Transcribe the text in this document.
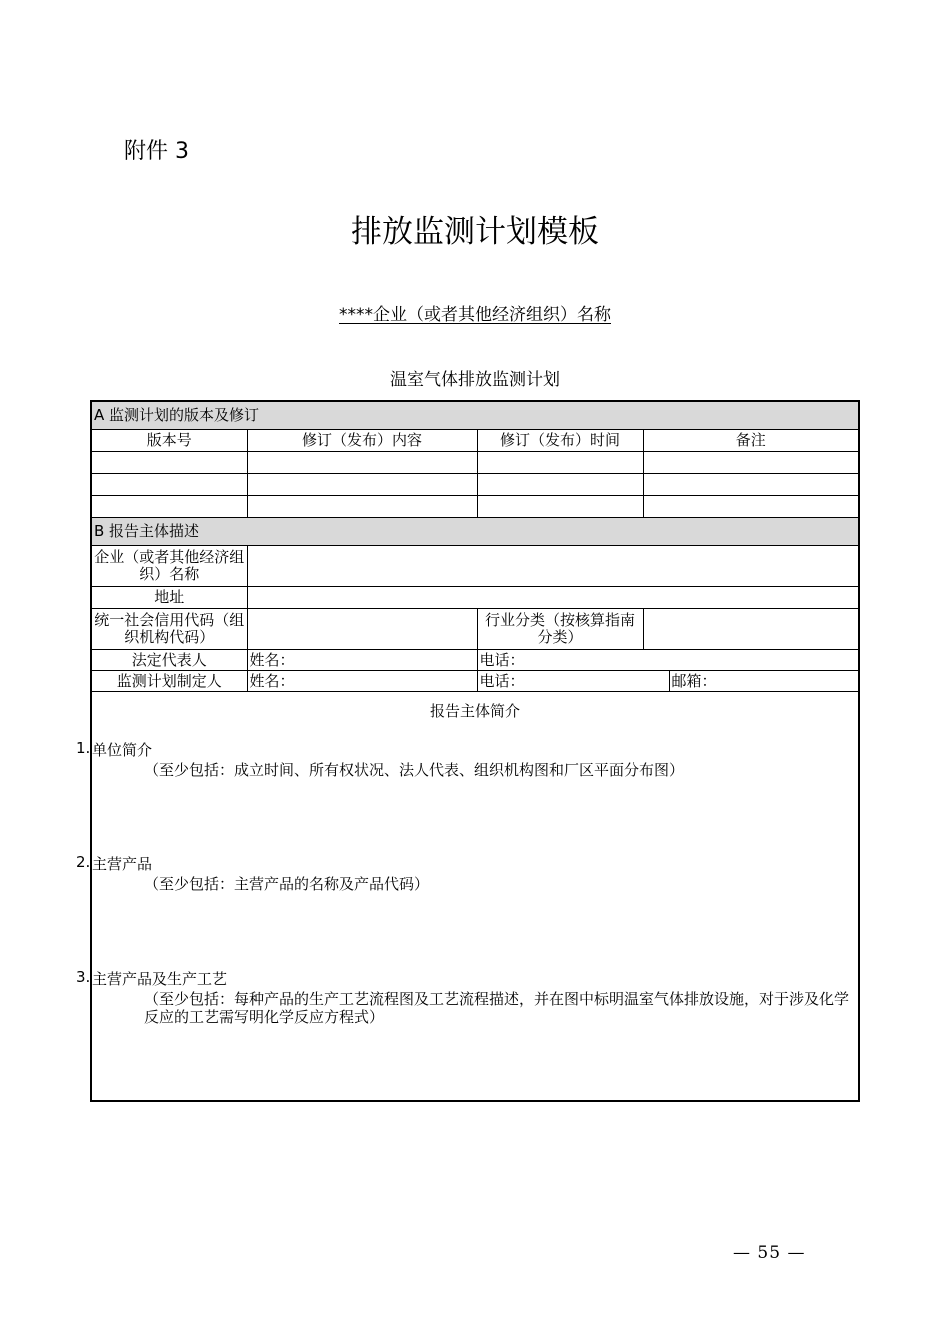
附件 3
排放监测计划模板
****企业（或者其他经济组织）名称
温室气体排放监测计划
A 监测计划的版本及修订				
版本号	修订（发布）内容	修订（发布）时间	备注	

B 报告主体描述				
企业（或者其他经济组织）名称				
地址				
统一社会信用代码（组织机构代码）		行业分类（按核算指南分类）		
法定代表人	姓名：	电话：		
监测计划制定人	姓名：	电话：		邮箱：
报告主体简介
1. 单位简介
（至少包括：成立时间、所有权状况、法人代表、组织机构图和厂区平面分布图）
2. 主营产品
（至少包括：主营产品的名称及产品代码）
3. 主营产品及生产工艺
（至少包括：每种产品的生产工艺流程图及工艺流程描述，并在图中标明温室气体排放设施，对于涉及化学反应的工艺需写明化学反应方程式）
— 55 —
